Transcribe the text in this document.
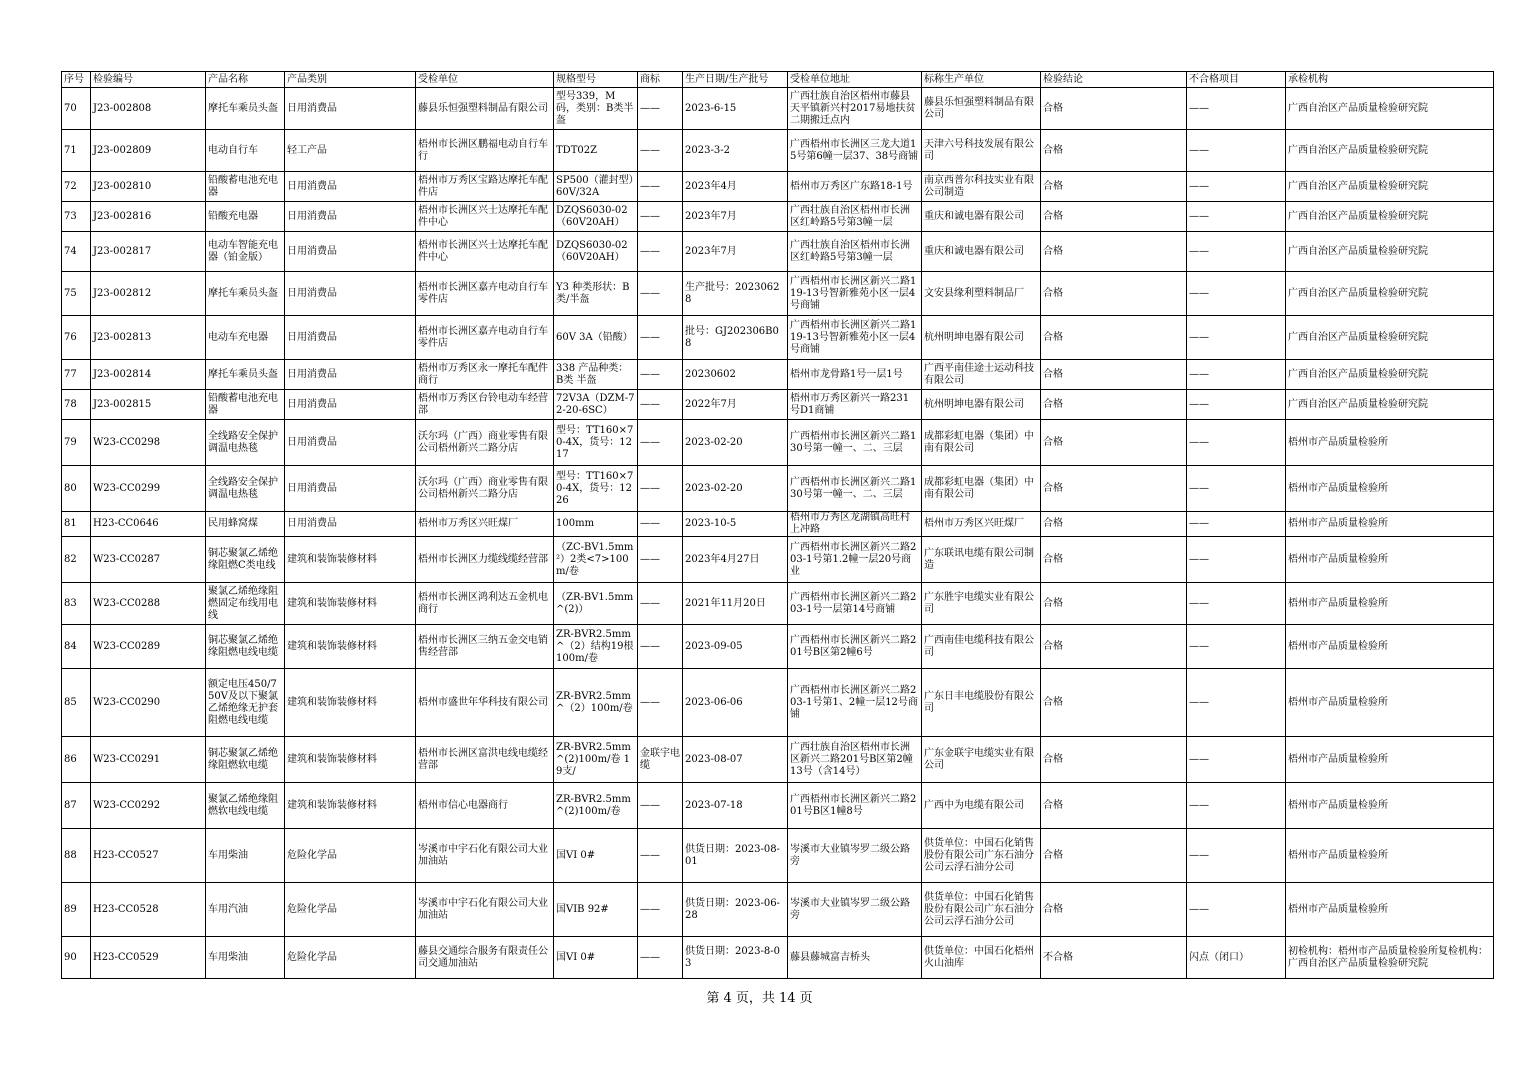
序号	检验编号	产品名称	产品类别	受检单位	规格型号	商标	生产日期/生产批号	受检单位地址	标称生产单位	检验结论	不合格项目	承检机构
70	J23-002808	摩托车乘员头盔	日用消费品	藤县乐恒强塑料制品有限公司	型号339，M码，类别：B类半盔	——	2023-6-15	广西壮族自治区梧州市藤县天平镇新兴村2017易地扶贫二期搬迁点内	藤县乐恒强塑料制品有限公司	合格	——	广西自治区产品质量检验研究院
71	J23-002809	电动自行车	轻工产品	梧州市长洲区鹏福电动自行车行	TDT02Z	——	2023-3-2	广西梧州市长洲区三龙大道15号第6幢一层37、38号商铺	天津六号科技发展有限公司	合格	——	广西自治区产品质量检验研究院
72	J23-002810	铅酸蓄电池充电器	日用消费品	梧州市万秀区宝路达摩托车配件店	SP500（灌封型）60V/32A	——	2023年4月	梧州市万秀区广东路18-1号	南京西普尔科技实业有限公司制造	合格	——	广西自治区产品质量检验研究院
73	J23-002816	铅酸充电器	日用消费品	梧州市长洲区兴士达摩托车配件中心	DZQS6030-02（60V20AH）	——	2023年7月	广西壮族自治区梧州市长洲区红岭路5号第3幢一层	重庆和诚电器有限公司	合格	——	广西自治区产品质量检验研究院
74	J23-002817	电动车智能充电器（铂金版）	日用消费品	梧州市长洲区兴士达摩托车配件中心	DZQS6030-02（60V20AH）	——	2023年7月	广西壮族自治区梧州市长洲区红岭路5号第3幢一层	重庆和诚电器有限公司	合格	——	广西自治区产品质量检验研究院
75	J23-002812	摩托车乘员头盔	日用消费品	梧州市长洲区嘉卉电动自行车零件店	Y3 种类形状：B类/半盔	——	生产批号：20230628	广西梧州市长洲区新兴二路119-13号智新雅苑小区一层4号商铺	文安县缘利塑料制品厂	合格	——	广西自治区产品质量检验研究院
76	J23-002813	电动车充电器	日用消费品	梧州市长洲区嘉卉电动自行车零件店	60V 3A（铅酸）	——	批号：GJ202306B08	广西梧州市长洲区新兴二路119-13号智新雅苑小区一层4号商铺	杭州明坤电器有限公司	合格	——	广西自治区产品质量检验研究院
77	J23-002814	摩托车乘员头盔	日用消费品	梧州市万秀区永一摩托车配件商行	338 产品种类：B类 半盔	——	20230602	梧州市龙骨路1号一层1号	广西平南佳途士运动科技有限公司	合格	——	广西自治区产品质量检验研究院
78	J23-002815	铅酸蓄电池充电器	日用消费品	梧州市万秀区台铃电动车经营部	72V3A（DZM-72-20-6SC）	——	2022年7月	梧州市万秀区新兴一路231号D1商铺	杭州明坤电器有限公司	合格	——	广西自治区产品质量检验研究院
79	W23-CC0298	全线路安全保护调温电热毯	日用消费品	沃尔玛（广西）商业零售有限公司梧州新兴二路分店	型号：TT160×70-4X，货号：1217	——	2023-02-20	广西梧州市长洲区新兴二路130号第一幢一、二、三层	成都彩虹电器（集团）中南有限公司	合格	——	梧州市产品质量检验所
80	W23-CC0299	全线路安全保护调温电热毯	日用消费品	沃尔玛（广西）商业零售有限公司梧州新兴二路分店	型号：TT160×70-4X，货号：1226	——	2023-02-20	广西梧州市长洲区新兴二路130号第一幢一、二、三层	成都彩虹电器（集团）中南有限公司	合格	——	梧州市产品质量检验所
81	H23-CC0646	民用蜂窝煤	日用消费品	梧州市万秀区兴旺煤厂	100mm	——	2023-10-5	梧州市万秀区龙湖镇高旺村上冲路	梧州市万秀区兴旺煤厂	合格	——	梧州市产品质量检验所
82	W23-CC0287	铜芯聚氯乙烯绝缘阻燃C类电线	建筑和装饰装修材料	梧州市长洲区力缆线缆经营部	（ZC-BV1.5mm²）2类<7>100m/卷	——	2023年4月27日	广西梧州市长洲区新兴二路203-1号第1.2幢一层20号商业	广东联讯电缆有限公司制造	合格	——	梧州市产品质量检验所
83	W23-CC0288	聚氯乙烯绝缘阻燃固定布线用电线	建筑和装饰装修材料	梧州市长洲区鸿利达五金机电商行	（ZR-BV1.5mm^(2)）	——	2021年11月20日	广西梧州市长洲区新兴二路203-1号一层第14号商铺	广东胜宇电缆实业有限公司	合格	——	梧州市产品质量检验所
84	W23-CC0289	铜芯聚氯乙烯绝缘阻燃电线电缆	建筑和装饰装修材料	梧州市长洲区三纳五金交电销售经营部	ZR-BVR2.5mm^（2）结构19根100m/卷	——	2023-09-05	广西梧州市长洲区新兴二路201号B区第2幢6号	广西南佳电缆科技有限公司	合格	——	梧州市产品质量检验所
85	W23-CC0290	额定电压450/750V及以下聚氯乙烯绝缘无护套阻燃电线电缆	建筑和装饰装修材料	梧州市盛世年华科技有限公司	ZR-BVR2.5mm^（2）100m/卷	——	2023-06-06	广西梧州市长洲区新兴二路203-1号第1、2幢一层12号商铺	广东日丰电缆股份有限公司	合格	——	梧州市产品质量检验所
86	W23-CC0291	铜芯聚氯乙烯绝缘阻燃软电缆	建筑和装饰装修材料	梧州市长洲区富洪电线电缆经营部	ZR-BVR2.5mm^(2)100m/卷 19支/	金联宇电缆	2023-08-07	广西壮族自治区梧州市长洲区新兴二路201号B区第2幢13号（含14号）	广东金联宇电缆实业有限公司	合格	——	梧州市产品质量检验所
87	W23-CC0292	聚氯乙烯绝缘阻燃软电线电缆	建筑和装饰装修材料	梧州市信心电器商行	ZR-BVR2.5mm^(2)100m/卷	——	2023-07-18	广西梧州市长洲区新兴二路201号B区1幢8号	广西中为电缆有限公司	合格	——	梧州市产品质量检验所
88	H23-CC0527	车用柴油	危险化学品	岑溪市中宇石化有限公司大业加油站	国VI 0#	——	供货日期：2023-08-01	岑溪市大业镇岑罗二级公路旁	供货单位：中国石化销售股份有限公司广东石油分公司云浮石油分公司	合格	——	梧州市产品质量检验所
89	H23-CC0528	车用汽油	危险化学品	岑溪市中宇石化有限公司大业加油站	国VIB 92#	——	供货日期：2023-06-28	岑溪市大业镇岑罗二级公路旁	供货单位：中国石化销售股份有限公司广东石油分公司云浮石油分公司	合格	——	梧州市产品质量检验所
90	H23-CC0529	车用柴油	危险化学品	藤县交通综合服务有限责任公司交通加油站	国VI 0#	——	供货日期：2023-8-03	藤县藤城富吉桥头	供货单位：中国石化梧州火山油库	不合格	闪点（闭口）	初检机构：梧州市产品质量检验所复检机构：广西自治区产品质量检验研究院
第 4 页，共 14 页
